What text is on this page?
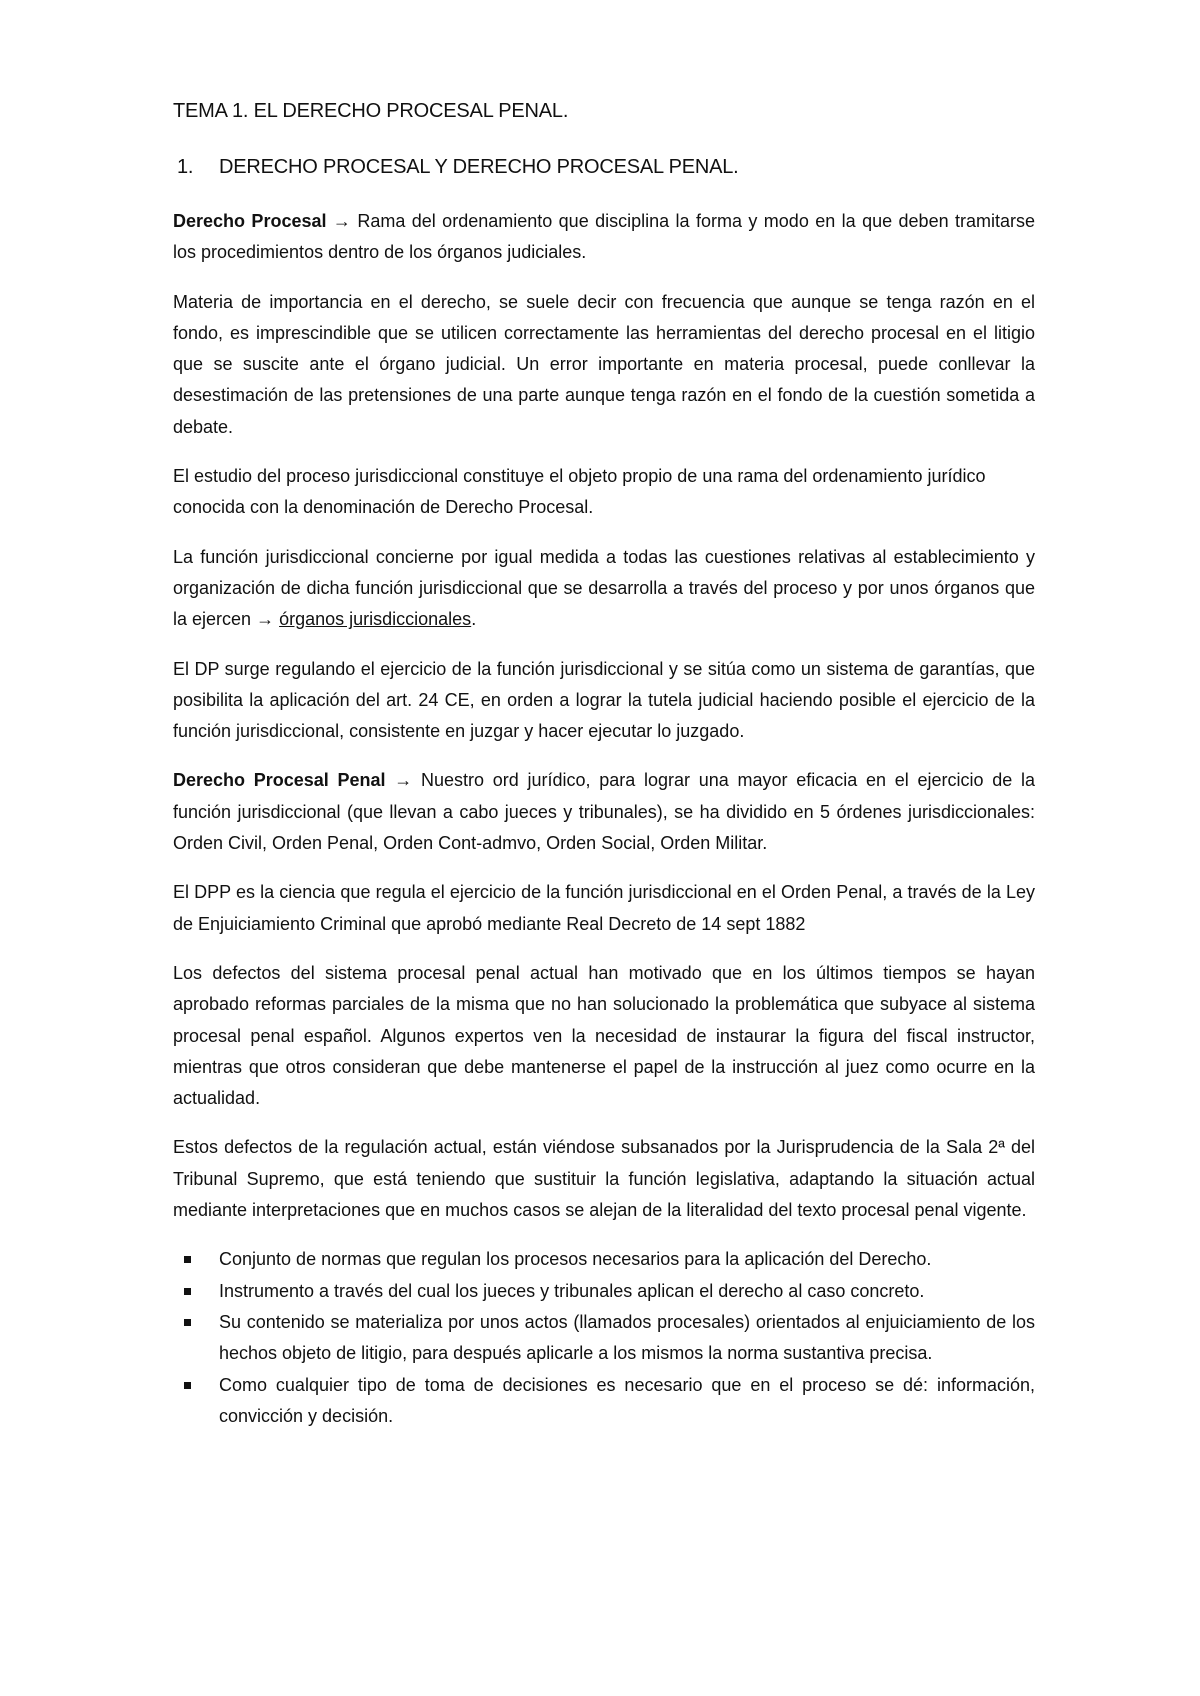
TEMA 1. EL DERECHO PROCESAL PENAL.
1.	DERECHO PROCESAL Y DERECHO PROCESAL PENAL.

Derecho Procesal → Rama del ordenamiento que disciplina la forma y modo en la que deben tramitarse los procedimientos dentro de los órganos judiciales.

Materia de importancia en el derecho, se suele decir con frecuencia que aunque se tenga razón en el fondo, es imprescindible que se utilicen correctamente las herramientas del derecho procesal en el litigio que se suscite ante el órgano judicial. Un error importante en materia procesal, puede conllevar la desestimación de las pretensiones de una parte aunque tenga razón en el fondo de la cuestión sometida a debate.

El estudio del proceso jurisdiccional constituye el objeto propio de una rama del ordenamiento jurídico conocida con la denominación de Derecho Procesal.

La función jurisdiccional concierne por igual medida a todas las cuestiones relativas al establecimiento y organización de dicha función jurisdiccional que se desarrolla a través del proceso y por unos órganos que la ejercen → órganos jurisdiccionales.

El DP surge regulando el ejercicio de la función jurisdiccional y se sitúa como un sistema de garantías, que posibilita la aplicación del art. 24 CE, en orden a lograr la tutela judicial haciendo posible el ejercicio de la función jurisdiccional, consistente en juzgar y hacer ejecutar lo juzgado.

Derecho Procesal Penal → Nuestro ord jurídico, para lograr una mayor eficacia en el ejercicio de la función jurisdiccional (que llevan a cabo jueces y tribunales), se ha dividido en 5 órdenes jurisdiccionales: Orden Civil, Orden Penal, Orden Cont-admvo, Orden Social, Orden Militar.

El DPP es la ciencia que regula el ejercicio de la función jurisdiccional en el Orden Penal, a través de la Ley de Enjuiciamiento Criminal que aprobó mediante Real Decreto de 14 sept 1882

Los defectos del sistema procesal penal actual han motivado que en los últimos tiempos se hayan aprobado reformas parciales de la misma que no han solucionado la problemática que subyace al sistema procesal penal español. Algunos expertos ven la necesidad de instaurar la figura del fiscal instructor, mientras que otros consideran que debe mantenerse el papel de la instrucción al juez como ocurre en la actualidad.

Estos defectos de la regulación actual, están viéndose subsanados por la Jurisprudencia de la Sala 2ª del Tribunal Supremo, que está teniendo que sustituir la función legislativa, adaptando la situación actual mediante interpretaciones que en muchos casos se alejan de la literalidad del texto procesal penal vigente.

Conjunto de normas que regulan los procesos necesarios para la aplicación del Derecho.
Instrumento a través del cual los jueces y tribunales aplican el derecho al caso concreto.
Su contenido se materializa por unos actos (llamados procesales) orientados al enjuiciamiento de los hechos objeto de litigio, para después aplicarle a los mismos la norma sustantiva precisa.
Como cualquier tipo de toma de decisiones es necesario que en el proceso se dé: información, convicción y decisión.
